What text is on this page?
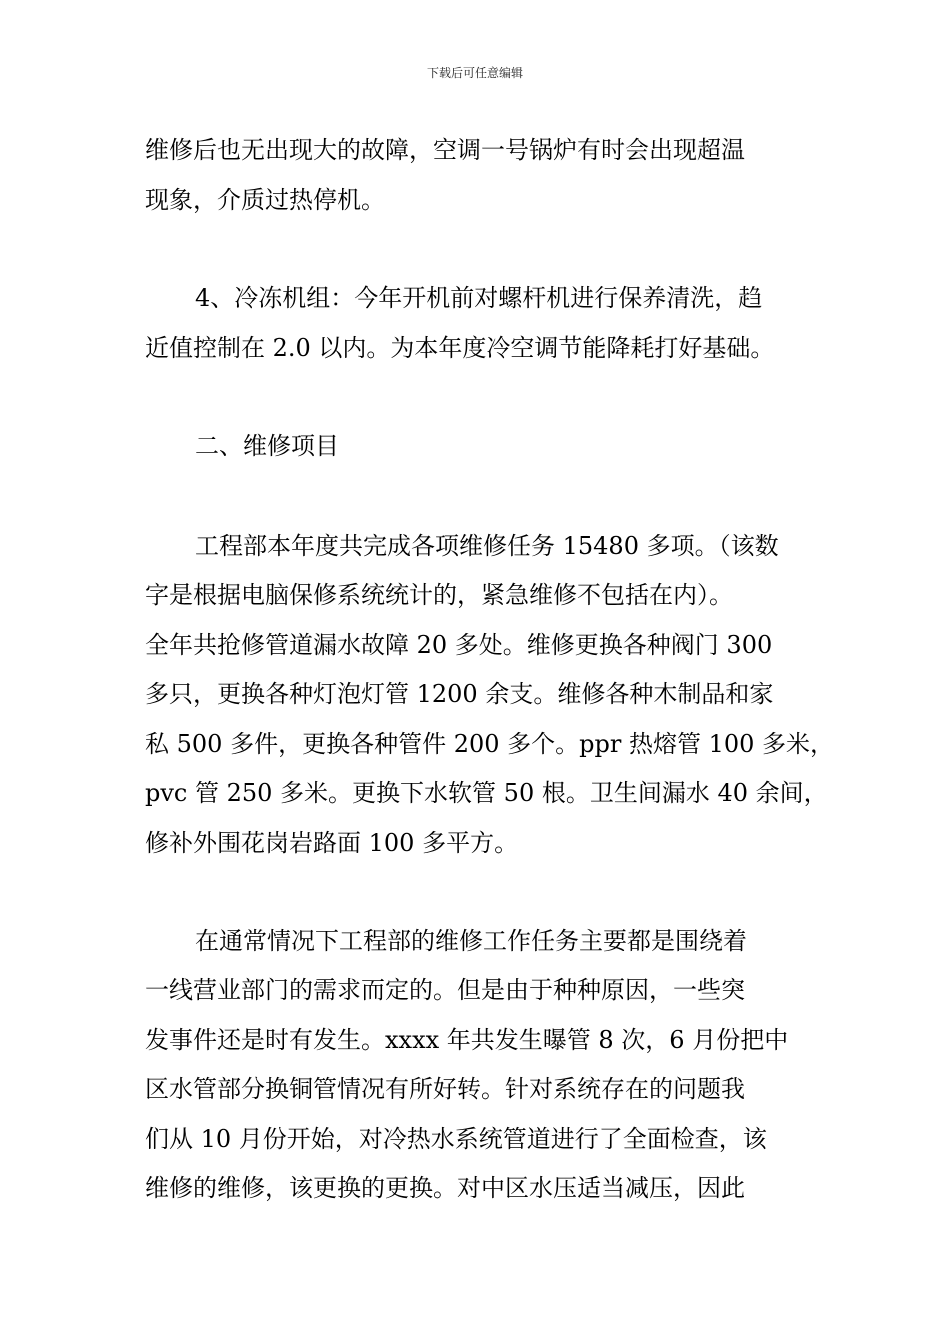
下载后可任意编辑
维修后也无出现大的故障，空调一号锅炉有时会出现超温
现象，介质过热停机。
4、冷冻机组：今年开机前对螺杆机进行保养清洗，趋
近值控制在 2.0 以内。为本年度冷空调节能降耗打好基础。
二、维修项目
工程部本年度共完成各项维修任务 15480 多项。（该数
字是根据电脑保修系统统计的，紧急维修不包括在内）。
全年共抢修管道漏水故障 20 多处。维修更换各种阀门 300
多只，更换各种灯泡灯管 1200 余支。维修各种木制品和家
私 500 多件，更换各种管件 200 多个。ppr 热熔管 100 多米，
pvc 管 250 多米。更换下水软管 50 根。卫生间漏水 40 余间，
修补外围花岗岩路面 100 多平方。
在通常情况下工程部的维修工作任务主要都是围绕着
一线营业部门的需求而定的。但是由于种种原因，一些突
发事件还是时有发生。xxxx 年共发生曝管 8 次，6 月份把中
区水管部分换铜管情况有所好转。针对系统存在的问题我
们从 10 月份开始，对冷热水系统管道进行了全面检查，该
维修的维修，该更换的更换。对中区水压适当减压，因此
